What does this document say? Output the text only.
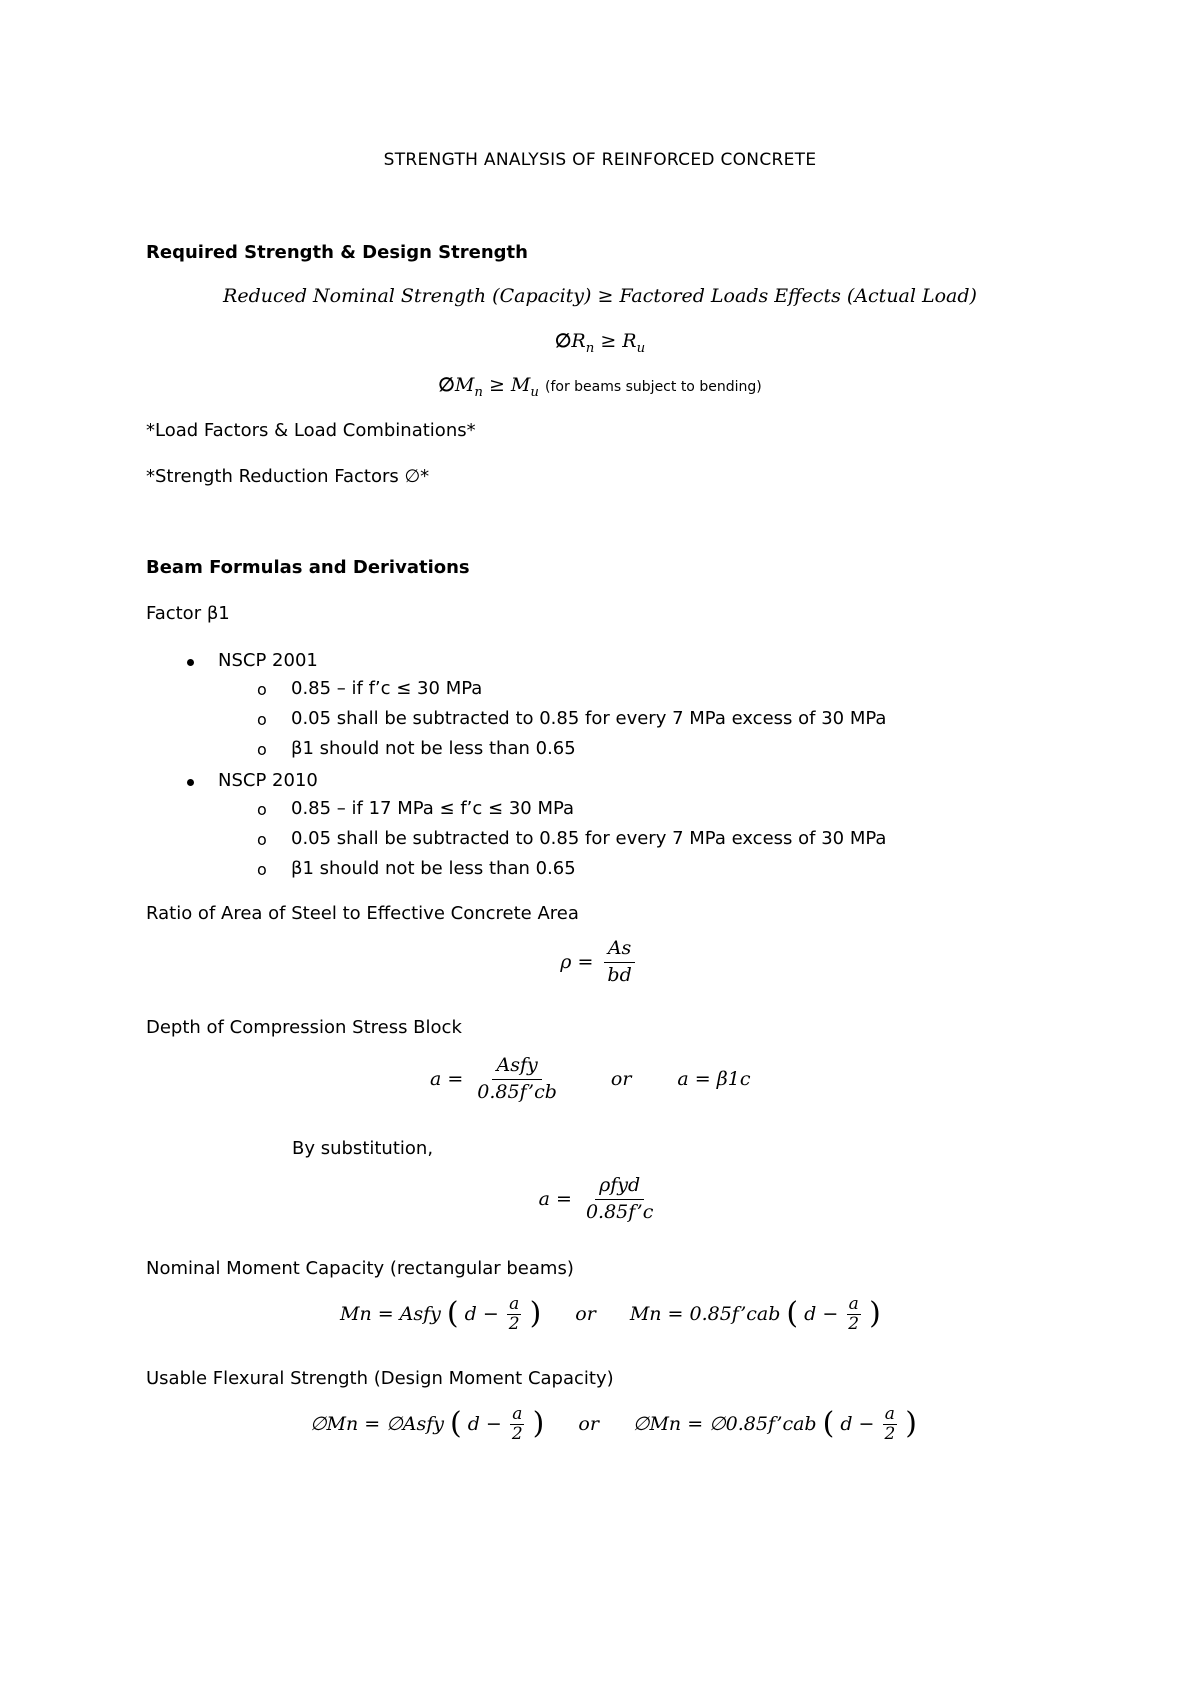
STRENGTH ANALYSIS OF REINFORCED CONCRETE
Required Strength & Design Strength
Reduced Nominal Strength (Capacity) ≥ Factored Loads Effects (Actual Load)
$\emptyset R_n \ge R_u$
$\emptyset M_n \ge M_u$ (for beams subject to bending)
*Load Factors & Load Combinations*
*Strength Reduction Factors ∅*
Beam Formulas and Derivations
Factor β1
NSCP 2001
o 0.85 – if f’c ≤ 30 MPa
o 0.05 shall be subtracted to 0.85 for every 7 MPa excess of 30 MPa
o β1 should not be less than 0.65
NSCP 2010
o 0.85 – if 17 MPa ≤ f’c ≤ 30 MPa
o 0.05 shall be subtracted to 0.85 for every 7 MPa excess of 30 MPa
o β1 should not be less than 0.65
Ratio of Area of Steel to Effective Concrete Area
$\rho = \frac{As}{bd}$
Depth of Compression Stress Block
$a = \frac{\text{Asfy}}{0.85f’cb}$	or a = β1c
By substitution,
$a = \frac{\text{ρfyd}}{0.85f’c}$
Nominal Moment Capacity (rectangular beams)
Mn = Asfy ( $d - \frac{a}{2}$ ) or Mn = 0.85f’cab ( $d - \frac{a}{2}$ )
Usable Flexural Strength (Design Moment Capacity)
∅Mn = ∅Asfy ( $d - \frac{a}{2}$ ) or ∅Mn = ∅0.85f’cab ( $d - \frac{a}{2}$ )
